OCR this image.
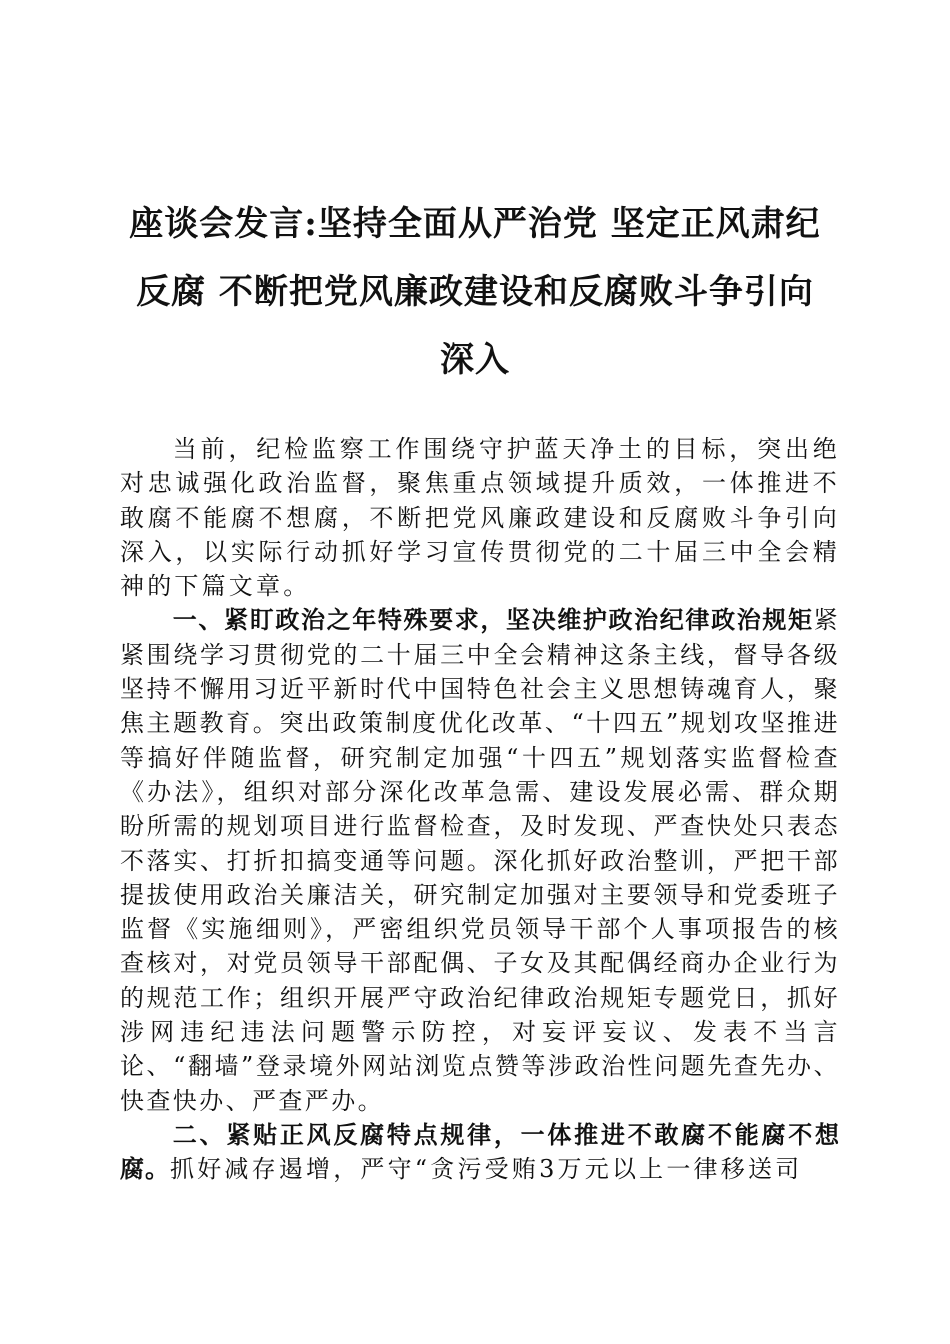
座谈会发言:坚持全面从严治党 坚定正风肃纪
反腐 不断把党风廉政建设和反腐败斗争引向
深入

当前，纪检监察工作围绕守护蓝天净土的目标，突出绝对忠诚强化政治监督，聚焦重点领域提升质效，一体推进不敢腐不能腐不想腐，不断把党风廉政建设和反腐败斗争引向深入，以实际行动抓好学习宣传贯彻党的二十届三中全会精神的下篇文章。

一、紧盯政治之年特殊要求，坚决维护政治纪律政治规矩紧紧围绕学习贯彻党的二十届三中全会精神这条主线，督导各级坚持不懈用习近平新时代中国特色社会主义思想铸魂育人，聚焦主题教育。突出政策制度优化改革、“十四五”规划攻坚推进等搞好伴随监督，研究制定加强“十四五”规划落实监督检查《办法》，组织对部分深化改革急需、建设发展必需、群众期盼所需的规划项目进行监督检查，及时发现、严查快处只表态不落实、打折扣搞变通等问题。深化抓好政治整训，严把干部提拔使用政治关廉洁关，研究制定加强对主要领导和党委班子监督《实施细则》，严密组织党员领导干部个人事项报告的核查核对，对党员领导干部配偶、子女及其配偶经商办企业行为的规范工作；组织开展严守政治纪律政治规矩专题党日，抓好涉网违纪违法问题警示防控，对妄评妄议、发表不当言论、“翻墙”登录境外网站浏览点赞等涉政治性问题先查先办、快查快办、严查严办。

二、紧贴正风反腐特点规律，一体推进不敢腐不能腐不想腐。抓好减存遏增，严守“贪污受贿3万元以上一律移送司
